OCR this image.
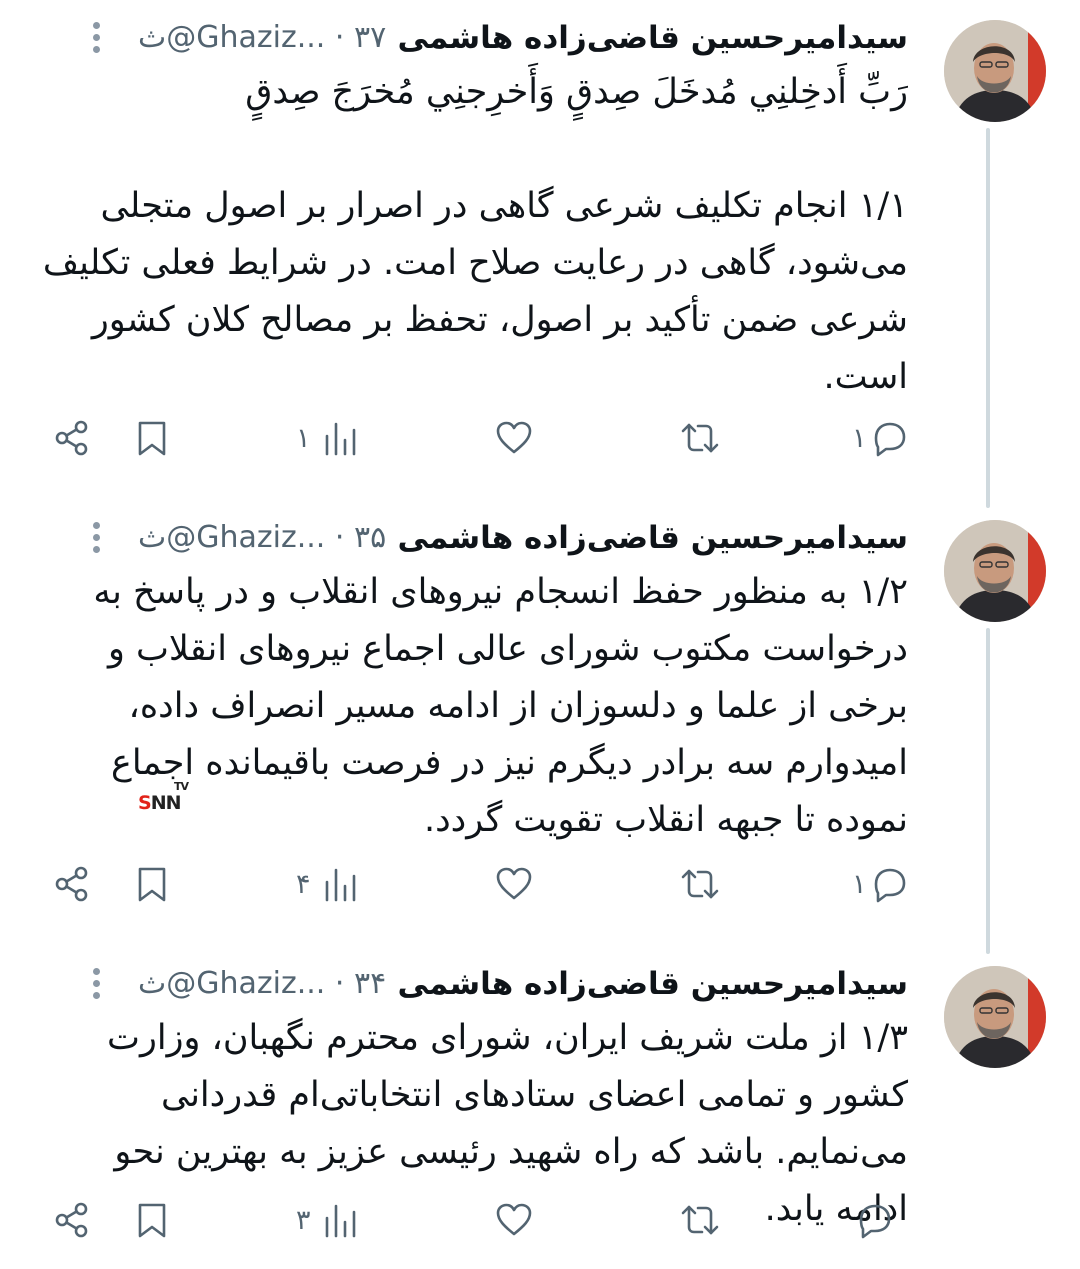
@Ghaziz... · ۳۷ث سیدامیرحسین قاضی‌زاده هاشمی
رَبِّ أَدخِلنِي مُدخَلَ صِدقٍ وَأَخرِجنِي مُخرَجَ صِدقٍ

۱/۱ انجام تکلیف شرعی گاهی در اصرار بر اصول متجلی می‌شود، گاهی در رعایت صلاح امت. در شرایط فعلی تکلیف شرعی ضمن تأکید بر اصول، تحفظ بر مصالح کلان کشور است.
۱	۱
@Ghaziz... · ۳۵ث سیدامیرحسین قاضی‌زاده هاشمی
۱/۲ به منظور حفظ انسجام نیروهای انقلاب و در پاسخ به درخواست مکتوب شورای عالی اجماع نیروهای انقلاب و برخی از علما و دلسوزان از ادامه مسیر انصراف داده، امیدوارم سه برادر دیگرم نیز در فرصت باقیمانده اجماع نموده تا جبهه انقلاب تقویت گردد.
۴	۱
SNN
TV
@Ghaziz... · ۳۴ث سیدامیرحسین قاضی‌زاده هاشمی
۱/۳ از ملت شریف ایران، شورای محترم نگهبان، وزارت کشور و تمامی اعضای ستادهای انتخاباتی‌ام قدردانی می‌نمایم. باشد که راه شهید رئیسی عزیز به بهترین نحو ادامه یابد.
۳
